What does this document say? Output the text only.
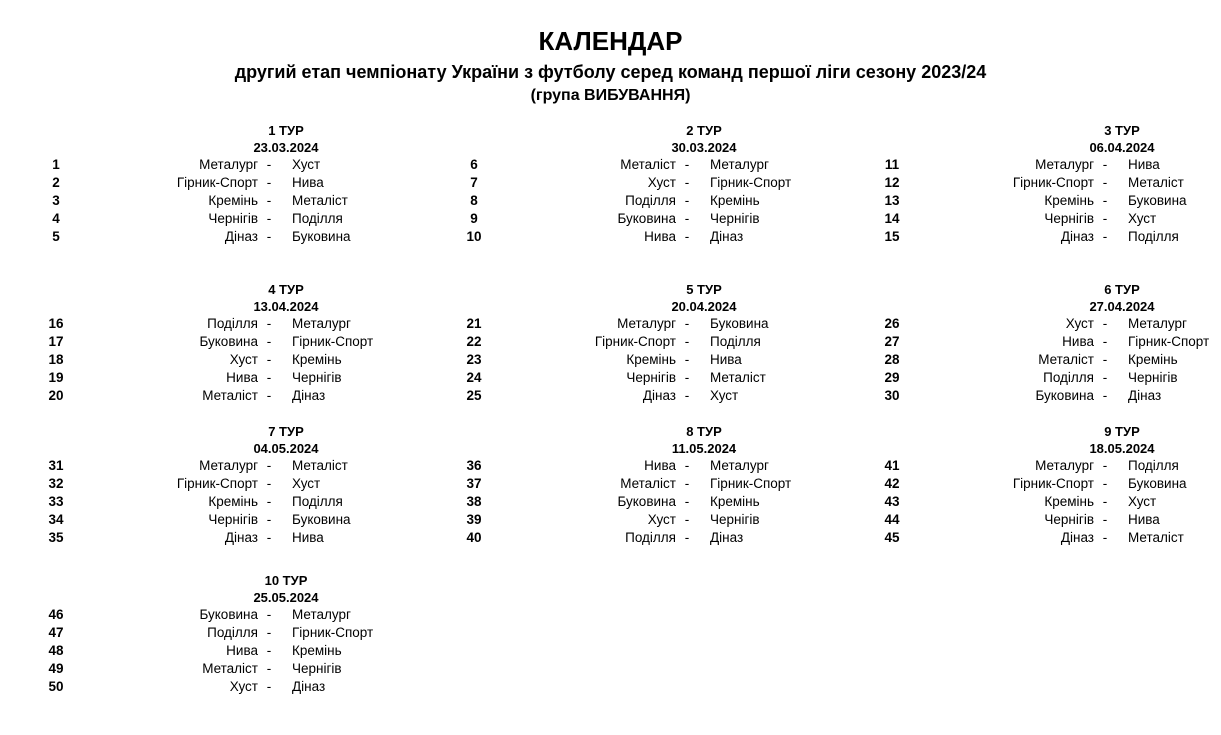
КАЛЕНДАР
другий етап чемпіонату України з футболу серед команд першої ліги сезону 2023/24
(група ВИБУВАННЯ)
1 ТУР
23.03.2024
1	Металург - Хуст
2	Гірник-Спорт - Нива
3	Кремінь - Металіст
4	Чернігів - Поділля
5	Діназ - Буковина
2 ТУР
30.03.2024
6	Металіст - Металург
7	Хуст - Гірник-Спорт
8	Поділля - Кремінь
9	Буковина - Чернігів
10	Нива - Діназ
3 ТУР
06.04.2024
11	Металург - Нива
12	Гірник-Спорт - Металіст
13	Кремінь - Буковина
14	Чернігів - Хуст
15	Діназ - Поділля
4 ТУР
13.04.2024
16	Поділля - Металург
17	Буковина - Гірник-Спорт
18	Хуст - Кремінь
19	Нива - Чернігів
20	Металіст - Діназ
5 ТУР
20.04.2024
21	Металург - Буковина
22	Гірник-Спорт - Поділля
23	Кремінь - Нива
24	Чернігів - Металіст
25	Діназ - Хуст
6 ТУР
27.04.2024
26	Хуст - Металург
27	Нива - Гірник-Спорт
28	Металіст - Кремінь
29	Поділля - Чернігів
30	Буковина - Діназ
7 ТУР
04.05.2024
31	Металург - Металіст
32	Гірник-Спорт - Хуст
33	Кремінь - Поділля
34	Чернігів - Буковина
35	Діназ - Нива
8 ТУР
11.05.2024
36	Нива - Металург
37	Металіст - Гірник-Спорт
38	Буковина - Кремінь
39	Хуст - Чернігів
40	Поділля - Діназ
9 ТУР
18.05.2024
41	Металург - Поділля
42	Гірник-Спорт - Буковина
43	Кремінь - Хуст
44	Чернігів - Нива
45	Діназ - Металіст
10 ТУР
25.05.2024
46	Буковина - Металург
47	Поділля - Гірник-Спорт
48	Нива - Кремінь
49	Металіст - Чернігів
50	Хуст - Діназ
